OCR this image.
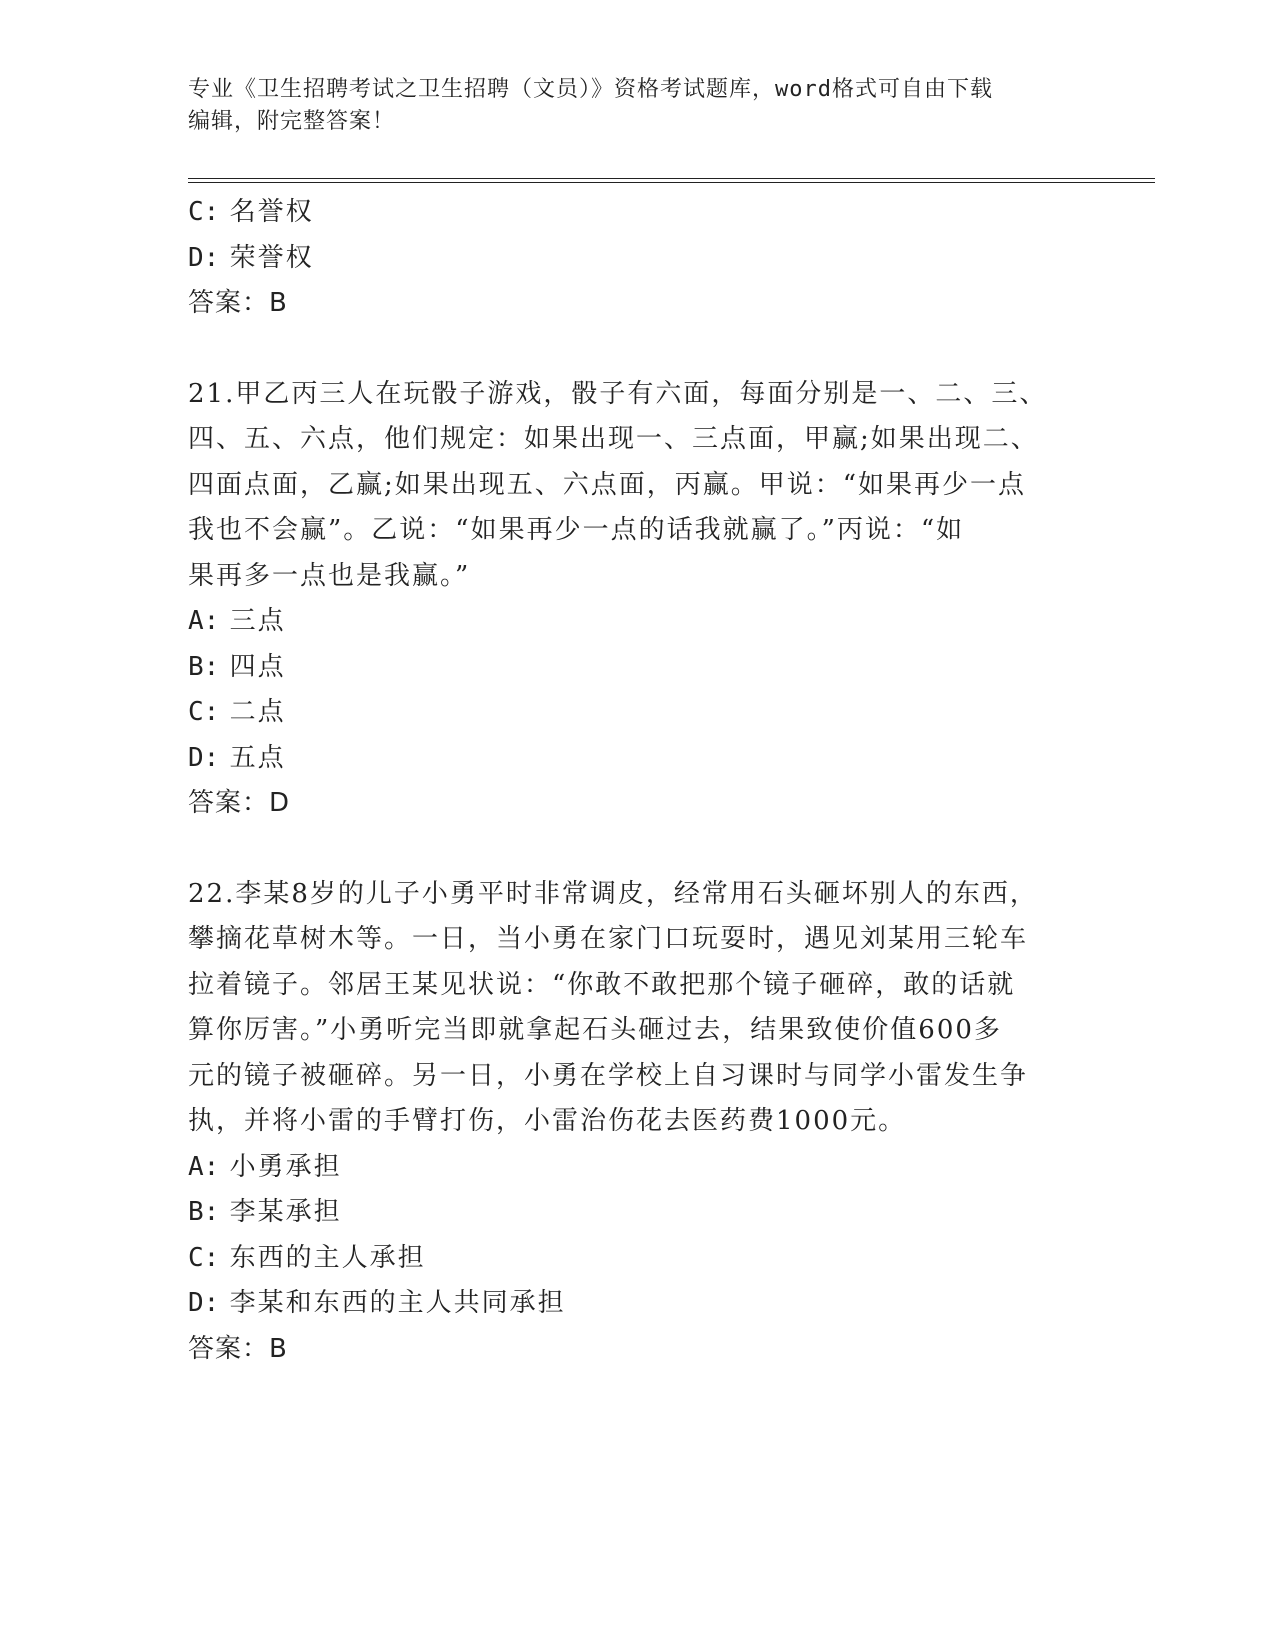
专业《卫生招聘考试之卫生招聘（文员）》资格考试题库，word格式可自由下载
编辑，附完整答案！
C: 名誉权
D: 荣誉权
答案：B
21.甲乙丙三人在玩骰子游戏，骰子有六面，每面分别是一、二、三、
四、五、六点，他们规定：如果出现一、三点面，甲赢;如果出现二、
四面点面，乙赢;如果出现五、六点面，丙赢。甲说：“如果再少一点
我也不会赢”。乙说：“如果再少一点的话我就赢了。”丙说：“如
果再多一点也是我赢。”
A: 三点
B: 四点
C: 二点
D: 五点
答案：D
22.李某8岁的儿子小勇平时非常调皮，经常用石头砸坏别人的东西，
攀摘花草树木等。一日，当小勇在家门口玩耍时，遇见刘某用三轮车
拉着镜子。邻居王某见状说：“你敢不敢把那个镜子砸碎，敢的话就
算你厉害。”小勇听完当即就拿起石头砸过去，结果致使价值600多
元的镜子被砸碎。另一日，小勇在学校上自习课时与同学小雷发生争
执，并将小雷的手臂打伤，小雷治伤花去医药费1000元。
A: 小勇承担
B: 李某承担
C: 东西的主人承担
D: 李某和东西的主人共同承担
答案：B
